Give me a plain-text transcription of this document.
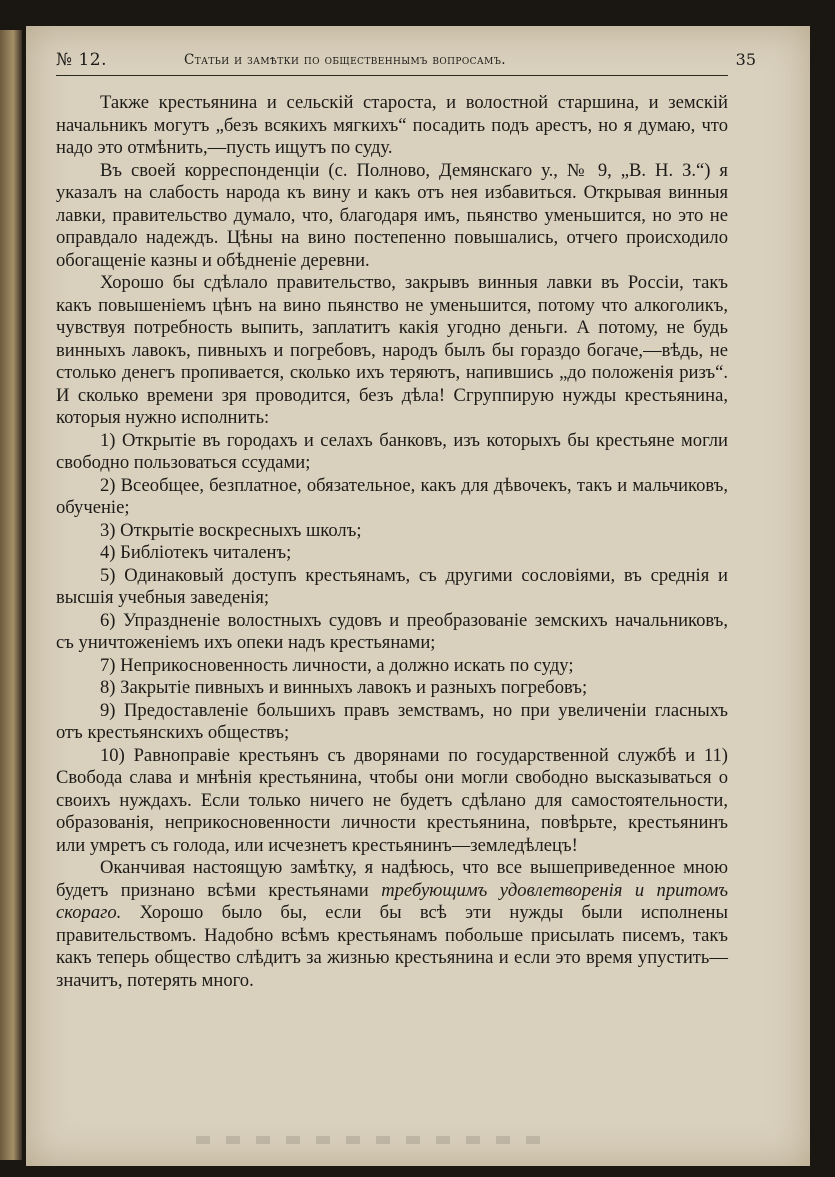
№ 12.	Статьи и замѣтки по общественнымъ вопросамъ.	35

Также крестьянина и сельскій староста, и волостной старшина, и земскій начальникъ могутъ „безъ всякихъ мягкихъ“ посадить подъ арестъ, но я думаю, что надо это отмѣнить,—пусть ищутъ по суду.

Въ своей корреспонденціи (с. Полново, Демянскаго у., № 9, „В. Н. З.“) я указалъ на слабость народа къ вину и какъ отъ нея избавиться. Открывая винныя лавки, правительство думало, что, благодаря имъ, пьянство уменьшится, но это не оправдало надеждъ. Цѣны на вино постепенно повышались, отчего происходило обогащеніе казны и обѣдненіе деревни.

Хорошо бы сдѣлало правительство, закрывъ винныя лавки въ Россіи, такъ какъ повышеніемъ цѣнъ на вино пьянство не уменьшится, потому что алкоголикъ, чувствуя потребность выпить, заплатитъ какія угодно деньги. А потому, не будь винныхъ лавокъ, пивныхъ и погребовъ, народъ былъ бы гораздо богаче,—вѣдь, не столько денегъ пропивается, сколько ихъ теряютъ, напившись „до положенія ризъ“. И сколько времени зря проводится, безъ дѣла! Сгруппирую нужды крестьянина, которыя нужно исполнить:

1) Открытіе въ городахъ и селахъ банковъ, изъ которыхъ бы крестьяне могли свободно пользоваться ссудами;

2) Всеобщее, безплатное, обязательное, какъ для дѣвочекъ, такъ и мальчиковъ, обученіе;

3) Открытіе воскресныхъ школъ;

4) Библіотекъ читаленъ;

5) Одинаковый доступъ крестьянамъ, съ другими сословіями, въ среднія и высшія учебныя заведенія;

6) Упраздненіе волостныхъ судовъ и преобразованіе земскихъ начальниковъ, съ уничтоженіемъ ихъ опеки надъ крестьянами;

7) Неприкосновенность личности, а должно искать по суду;

8) Закрытіе пивныхъ и винныхъ лавокъ и разныхъ погребовъ;

9) Предоставленіе большихъ правъ земствамъ, но при увеличеніи гласныхъ отъ крестьянскихъ обществъ;

10) Равноправіе крестьянъ съ дворянами по государственной службѣ и 11) Свобода слава и мнѣнія крестьянина, чтобы они могли свободно высказываться о своихъ нуждахъ. Если только ничего не будетъ сдѣлано для самостоятельности, образованія, неприкосновенности личности крестьянина, повѣрьте, крестьянинъ или умретъ съ голода, или исчезнетъ крестьянинъ—земледѣлецъ!

Оканчивая настоящую замѣтку, я надѣюсь, что все вышеприведенное мною будетъ признано всѣми крестьянами требующимъ удовлетворенія и притомъ скораго. Хорошо было бы, если бы всѣ эти нужды были исполнены правительствомъ. Надобно всѣмъ крестьянамъ побольше присылать писемъ, такъ какъ теперь общество слѣдитъ за жизнью крестьянина и если это время упустить—значитъ, потерять много.
